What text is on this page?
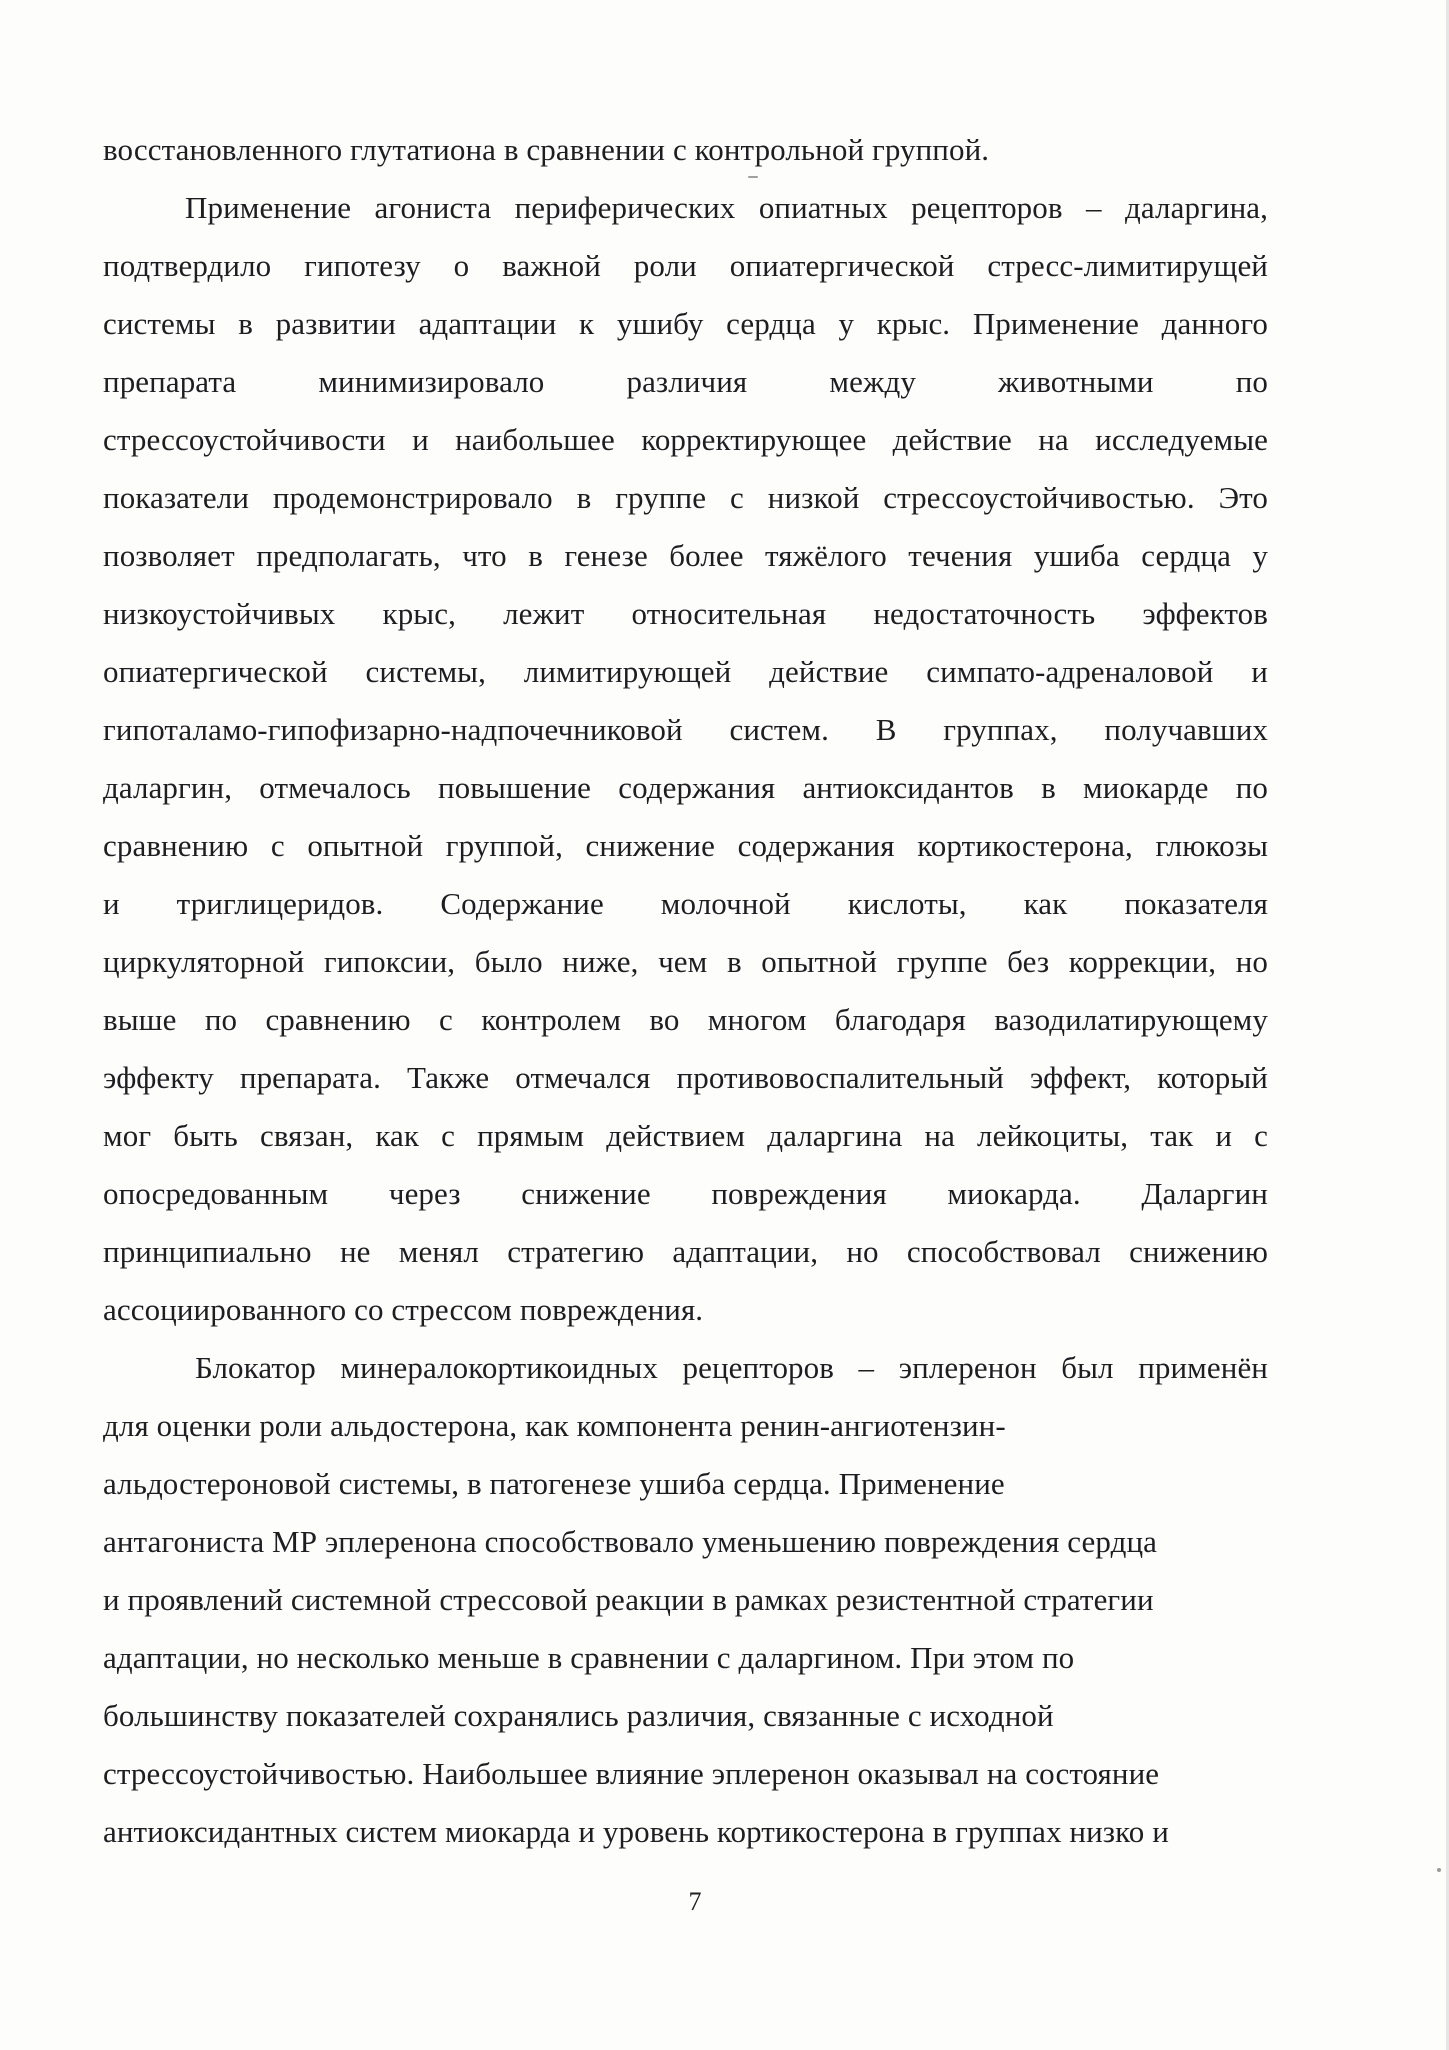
восстановленного глутатиона в сравнении с контрольной группой.
Применение агониста периферических опиатных рецепторов – даларгина,
подтвердило гипотезу о важной роли опиатергической стресс-лимитирущей
системы в развитии адаптации к ушибу сердца у крыс. Применение данного
препарата минимизировало различия между животными по
стрессоустойчивости и наибольшее корректирующее действие на исследуемые
показатели продемонстрировало в группе с низкой стрессоустойчивостью. Это
позволяет предполагать, что в генезе более тяжёлого течения ушиба сердца у
низкоустойчивых крыс, лежит относительная недостаточность эффектов
опиатергической системы, лимитирующей действие симпато-адреналовой и
гипоталамо-гипофизарно-надпочечниковой систем. В группах, получавших
даларгин, отмечалось повышение содержания антиоксидантов в миокарде по
сравнению с опытной группой, снижение содержания кортикостерона, глюкозы
и триглицеридов. Содержание молочной кислоты, как показателя
циркуляторной гипоксии, было ниже, чем в опытной группе без коррекции, но
выше по сравнению с контролем во многом благодаря вазодилатирующему
эффекту препарата. Также отмечался противовоспалительный эффект, который
мог быть связан, как с прямым действием даларгина на лейкоциты, так и с
опосредованным через снижение повреждения миокарда. Даларгин
принципиально не менял стратегию адаптации, но способствовал снижению
ассоциированного со стрессом повреждения.
Блокатор минералокортикоидных рецепторов – эплеренон был применён
для оценки роли альдостерона, как компонента ренин-ангиотензин-
альдостероновой системы, в патогенезе ушиба сердца. Применение
антагониста МР эплеренона способствовало уменьшению повреждения сердца
и проявлений системной стрессовой реакции в рамках резистентной стратегии
адаптации, но несколько меньше в сравнении с даларгином. При этом по
большинству показателей сохранялись различия, связанные с исходной
стрессоустойчивостью. Наибольшее влияние эплеренон оказывал на состояние
антиоксидантных систем миокарда и уровень кортикостерона в группах низко и
7
